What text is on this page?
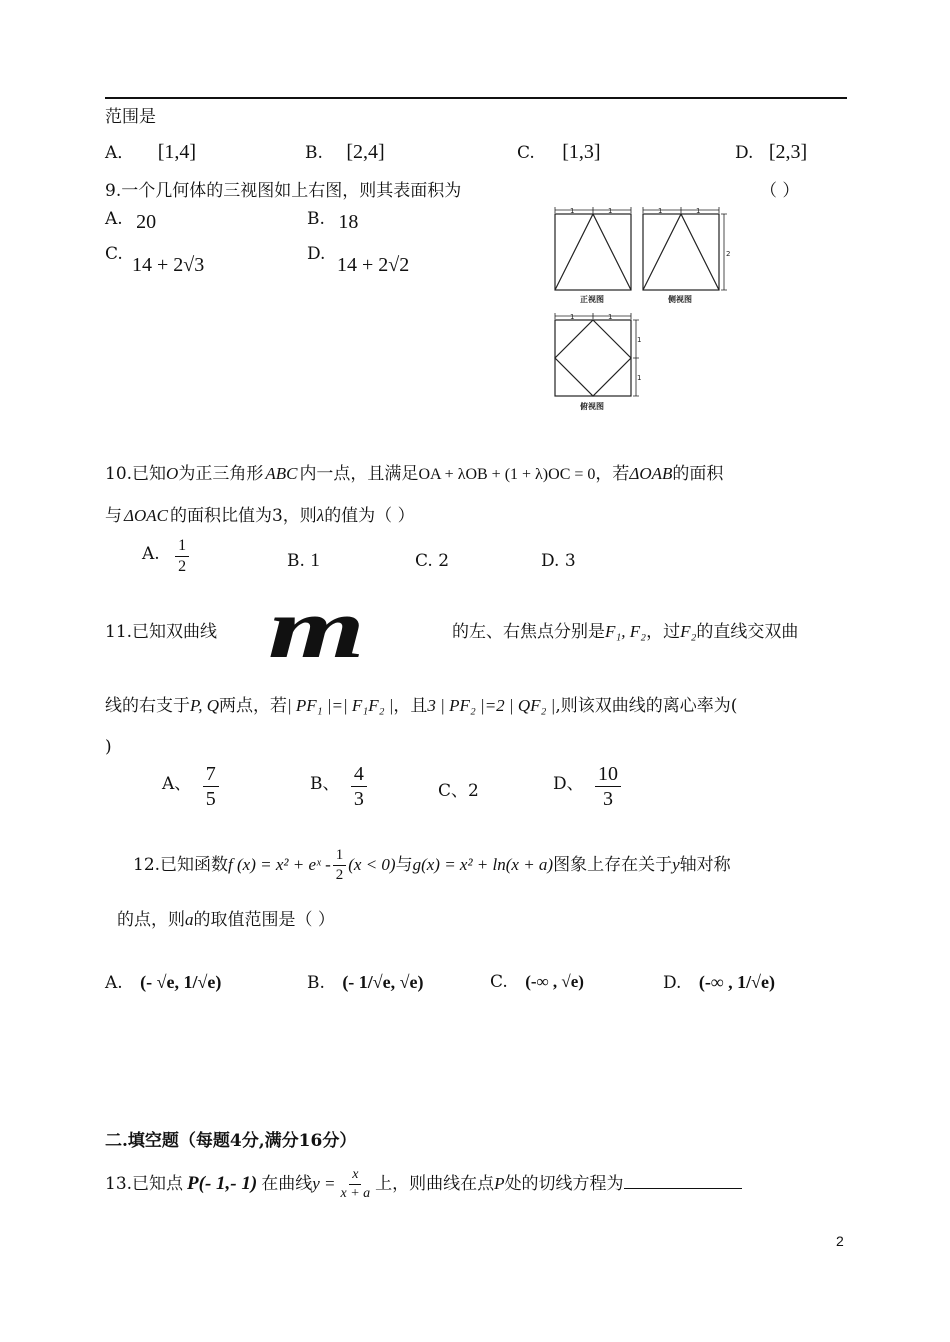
范围是
A． [1,4]	B. [2,4]	C. [1,3]	D. [2,3]
9.一个几何体的三视图如上右图，则其表面积为	（ ）
A. 20	B. 18
C. 14 + 2√3	D. 14 + 2√2
1	1	1	1
1	1
2
1
1
正视图	侧视图
俯视图
10.已知O为正三角形 ABC 内一点，且满足OA + λOB + (1 + λ)OC = 0，若ΔOAB的面积
与 ΔOAC 的面积比值为3，则λ的值为（ ）
A. $\frac{1}{2}$	B. 1	C. 2	D. 3
11.已知双曲线 m	的左、右焦点分别是F₁, F₂，过F₂的直线交双曲
线的右支于P, Q两点，若| PF₁ |=| F₁F₂ |，且3 | PF₂ |=2 | QF₂ |,则该双曲线的离心率为(
)
A、 $\frac{7}{5}$	B、 $\frac{4}{3}$	C、2	D、 $\frac{10}{3}$
12.已知函数f (x) = x² + eˣ - $\frac{1}{2} (x < 0)$与g(x) = x² + ln(x + a)图象上存在关于y轴对称
的点，则a的取值范围是（ ）
A. (- √e, 1/√e)	B. (- 1/√e, √e)	C. (-∞ , √e)	D. (-∞ , 1/√e)
二.填空题（每题4分,满分16分）
13.已知点 P(- 1,- 1) 在曲线$y = \frac{x}{x + a}$ 上，则曲线在点P处的切线方程为
2
